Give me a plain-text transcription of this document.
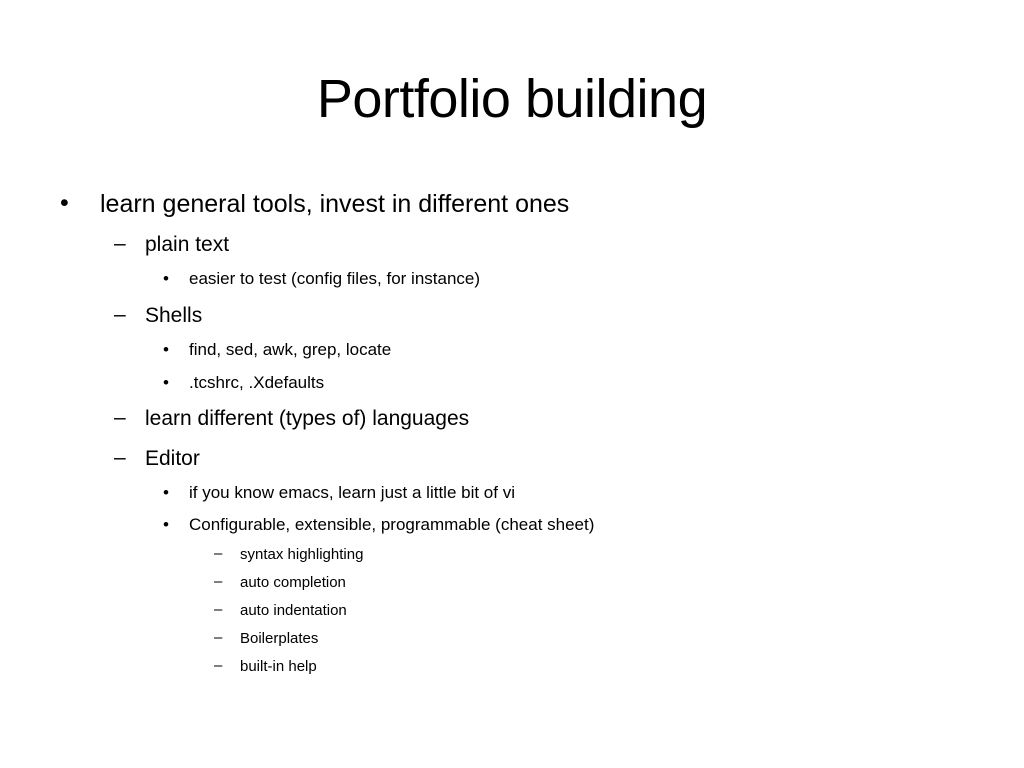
Portfolio building
• learn general tools, invest in different ones
– plain text
• easier to test (config files, for instance)
– Shells
• find, sed, awk, grep, locate
• .tcshrc, .Xdefaults
– learn different (types of) languages
– Editor
• if you know emacs, learn just a little bit of vi
• Configurable, extensible, programmable (cheat sheet)
– syntax highlighting
– auto completion
– auto indentation
– Boilerplates
– built-in help
